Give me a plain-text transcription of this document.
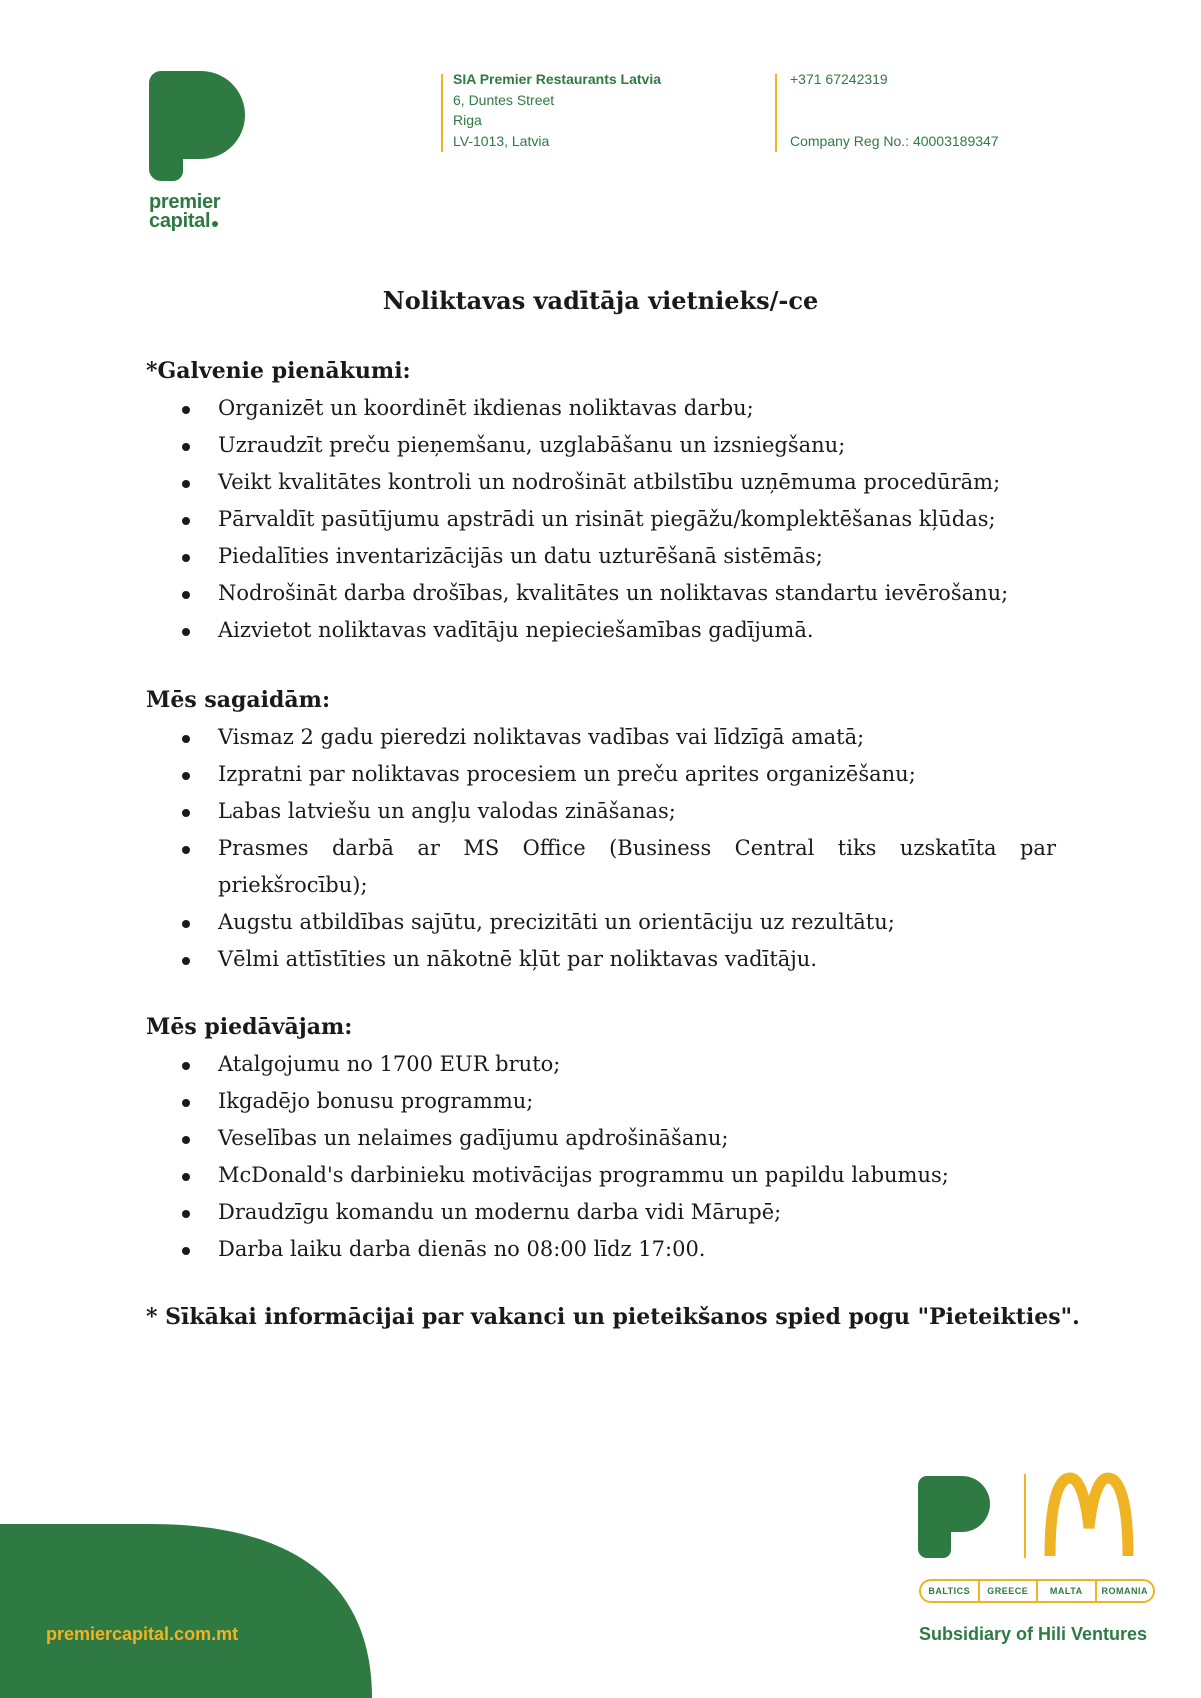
premier
capital
SIA Premier Restaurants Latvia
6, Duntes Street
Riga
LV-1013, Latvia
+371 67242319
Company Reg No.: 40003189347
Noliktavas vadītāja vietnieks/-ce
*Galvenie pienākumi:
Organizēt un koordinēt ikdienas noliktavas darbu;
Uzraudzīt preču pieņemšanu, uzglabāšanu un izsniegšanu;
Veikt kvalitātes kontroli un nodrošināt atbilstību uzņēmuma procedūrām;
Pārvaldīt pasūtījumu apstrādi un risināt piegāžu/komplektēšanas kļūdas;
Piedalīties inventarizācijās un datu uzturēšanā sistēmās;
Nodrošināt darba drošības, kvalitātes un noliktavas standartu ievērošanu;
Aizvietot noliktavas vadītāju nepieciešamības gadījumā.
Mēs sagaidām:
Vismaz 2 gadu pieredzi noliktavas vadības vai līdzīgā amatā;
Izpratni par noliktavas procesiem un preču aprites organizēšanu;
Labas latviešu un angļu valodas zināšanas;
Prasmes darbā ar MS Office (Business Central tiks uzskatīta par priekšrocību);
Augstu atbildības sajūtu, precizitāti un orientāciju uz rezultātu;
Vēlmi attīstīties un nākotnē kļūt par noliktavas vadītāju.
Mēs piedāvājam:
Atalgojumu no 1700 EUR bruto;
Ikgadējo bonusu programmu;
Veselības un nelaimes gadījumu apdrošināšanu;
McDonald's darbinieku motivācijas programmu un papildu labumus;
Draudzīgu komandu un modernu darba vidi Mārupē;
Darba laiku darba dienās no 08:00 līdz 17:00.

* Sīkākai informācijai par vakanci un pieteikšanos spied pogu "Pieteikties".

premiercapital.com.mt
BALTICS	GREECE	MALTA	ROMANIA
Subsidiary of Hili Ventures
